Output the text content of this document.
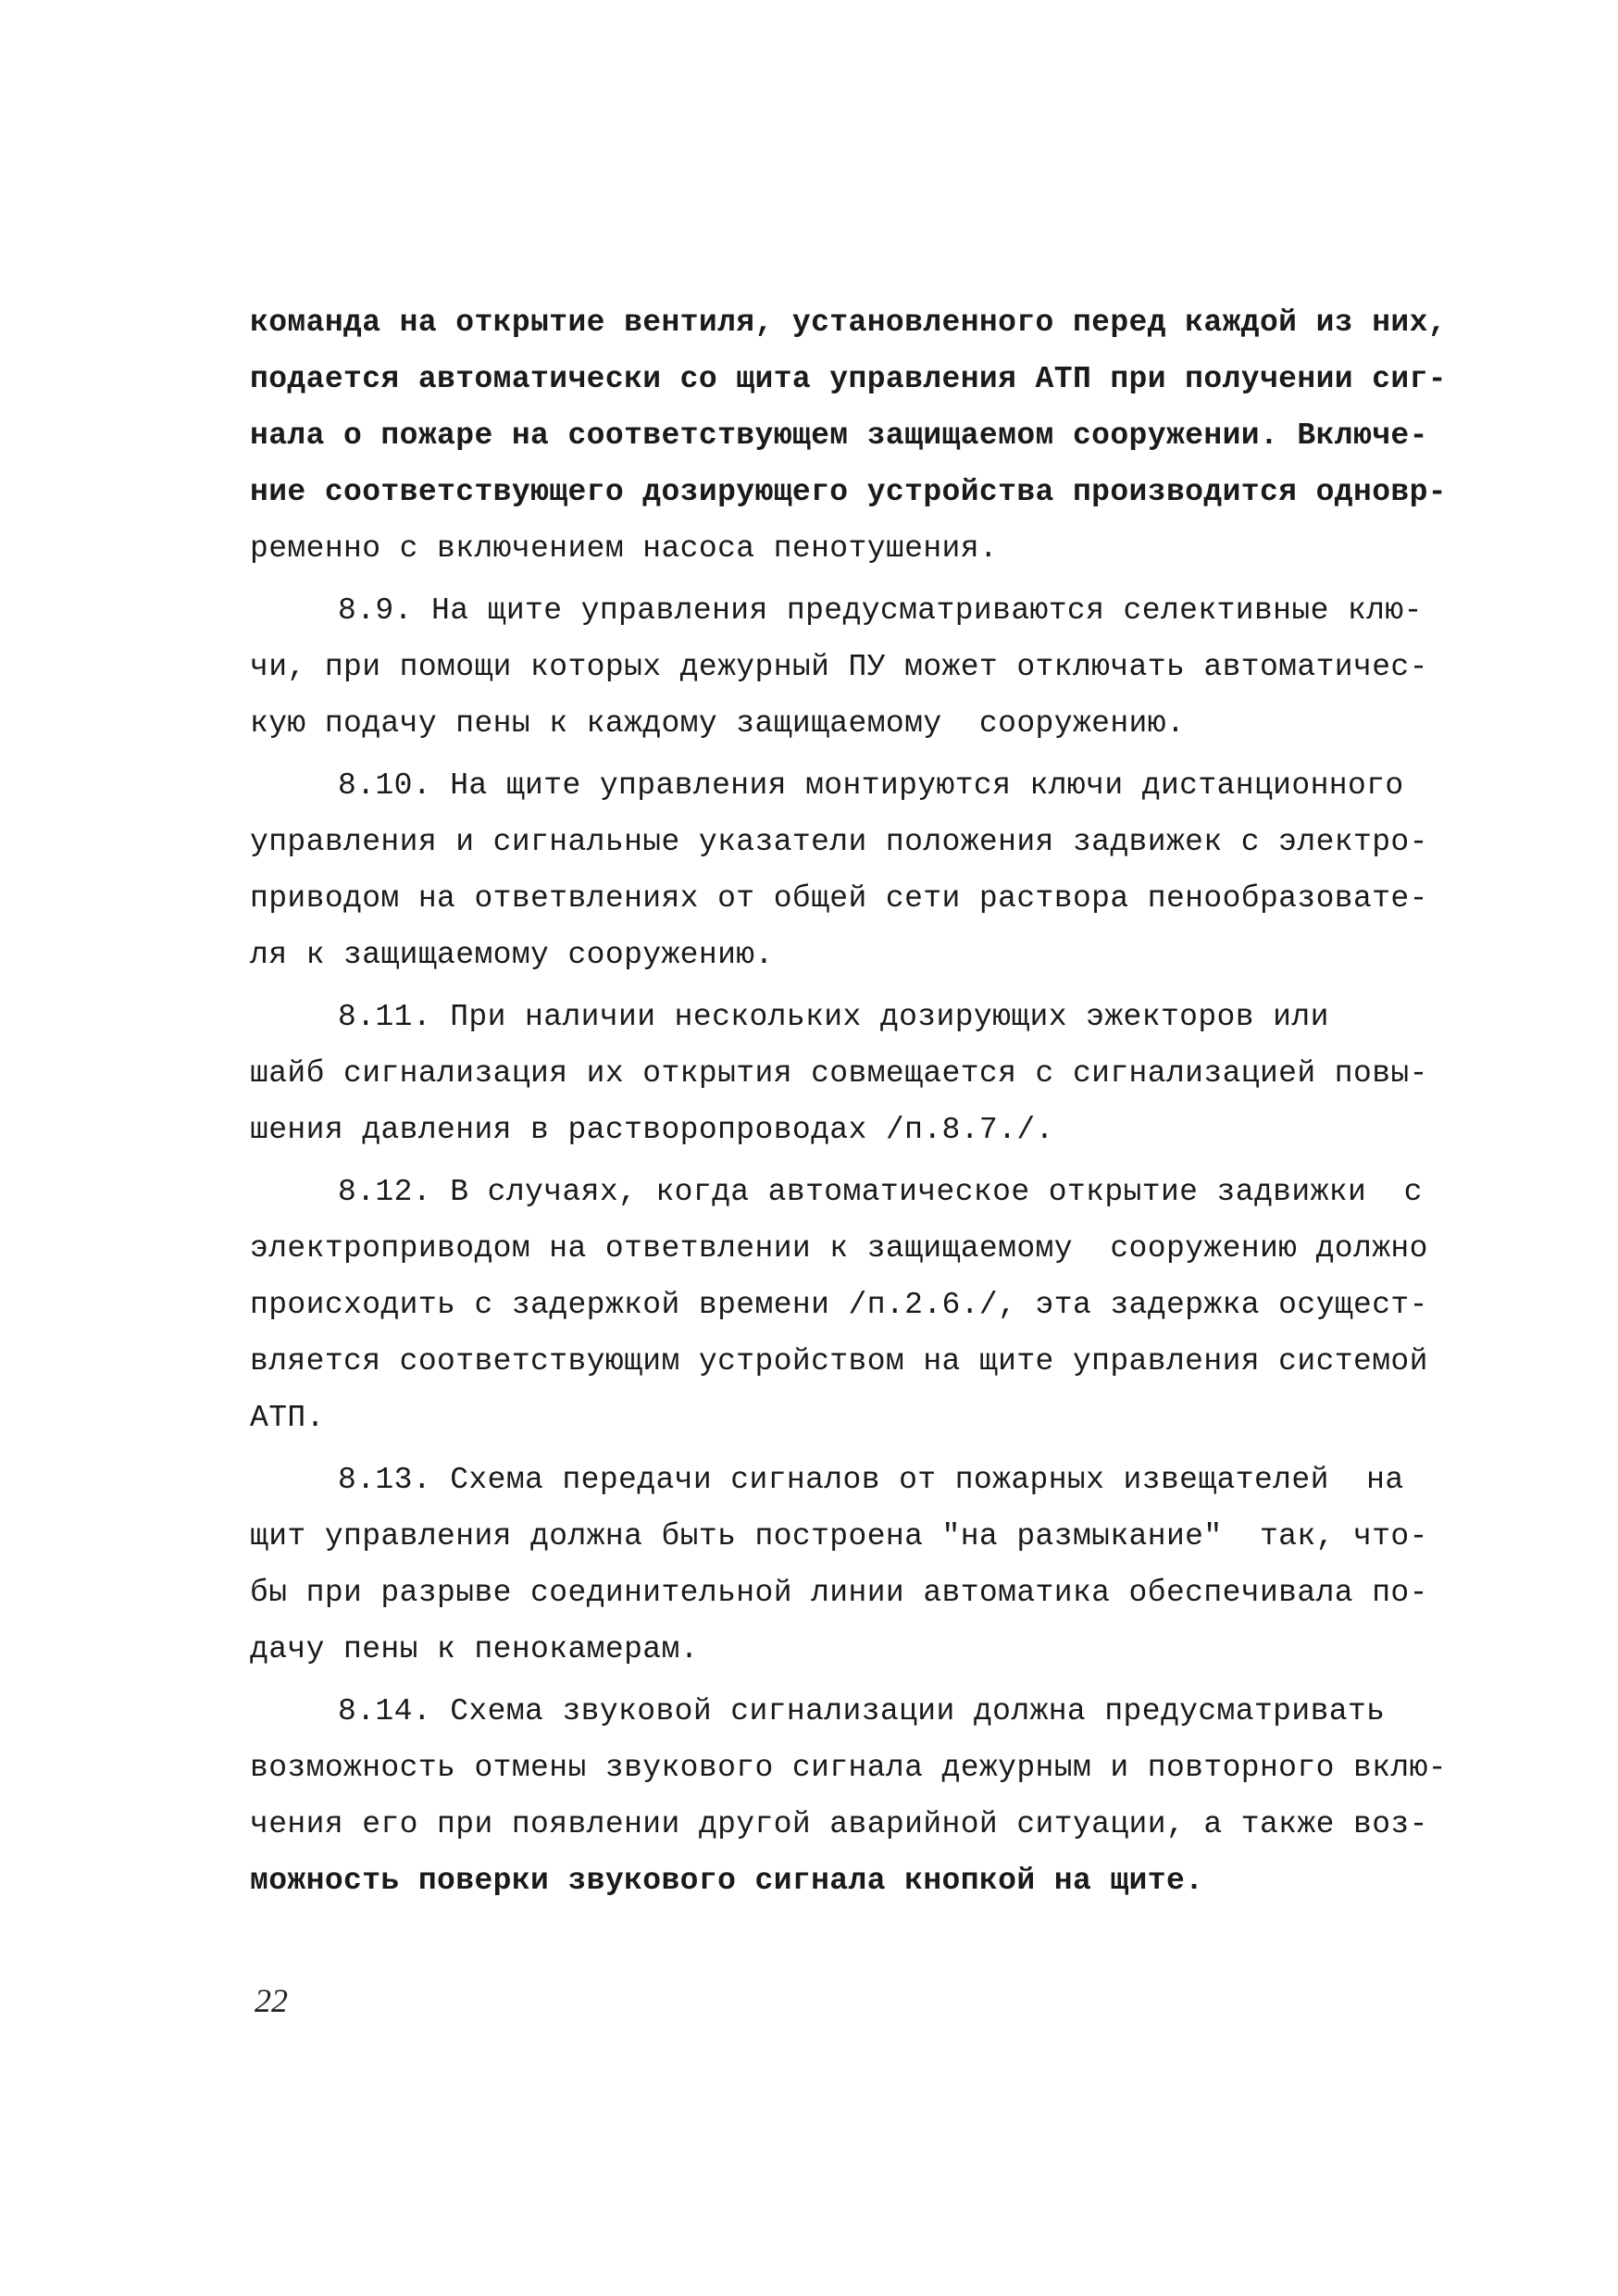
команда на открытие вентиля, установленного перед каждой из них,
подается автоматически со щита управления АТП при получении сиг-
нала о пожаре на соответствующем защищаемом сооружении. Включе-
ние соответствующего дозирующего устройства производится одновр-
ременно с включением насоса пенотушения.
8.9. На щите управления предусматриваются селективные клю-
чи, при помощи которых дежурный ПУ может отключать автоматичес-
кую подачу пены к каждому защищаемому  сооружению.
8.10. На щите управления монтируются ключи дистанционного
управления и сигнальные указатели положения задвижек с электро-
приводом на ответвлениях от общей сети раствора пенообразовате-
ля к защищаемому сооружению.
8.11. При наличии нескольких дозирующих эжекторов или
шайб сигнализация их открытия совмещается с сигнализацией повы-
шения давления в растворопроводах /п.8.7./.
8.12. В случаях, когда автоматическое открытие задвижки  с
электроприводом на ответвлении к защищаемому  сооружению должно
происходить с задержкой времени /п.2.6./, эта задержка осущест-
вляется соответствующим устройством на щите управления системой
АТП.
8.13. Схема передачи сигналов от пожарных извещателей  на
щит управления должна быть построена "на размыкание"  так, что-
бы при разрыве соединительной линии автоматика обеспечивала по-
дачу пены к пенокамерам.
8.14. Схема звуковой сигнализации должна предусматривать
возможность отмены звукового сигнала дежурным и повторного вклю-
чения его при появлении другой аварийной ситуации, а также воз-
можность поверки звукового сигнала кнопкой на щите.
22
